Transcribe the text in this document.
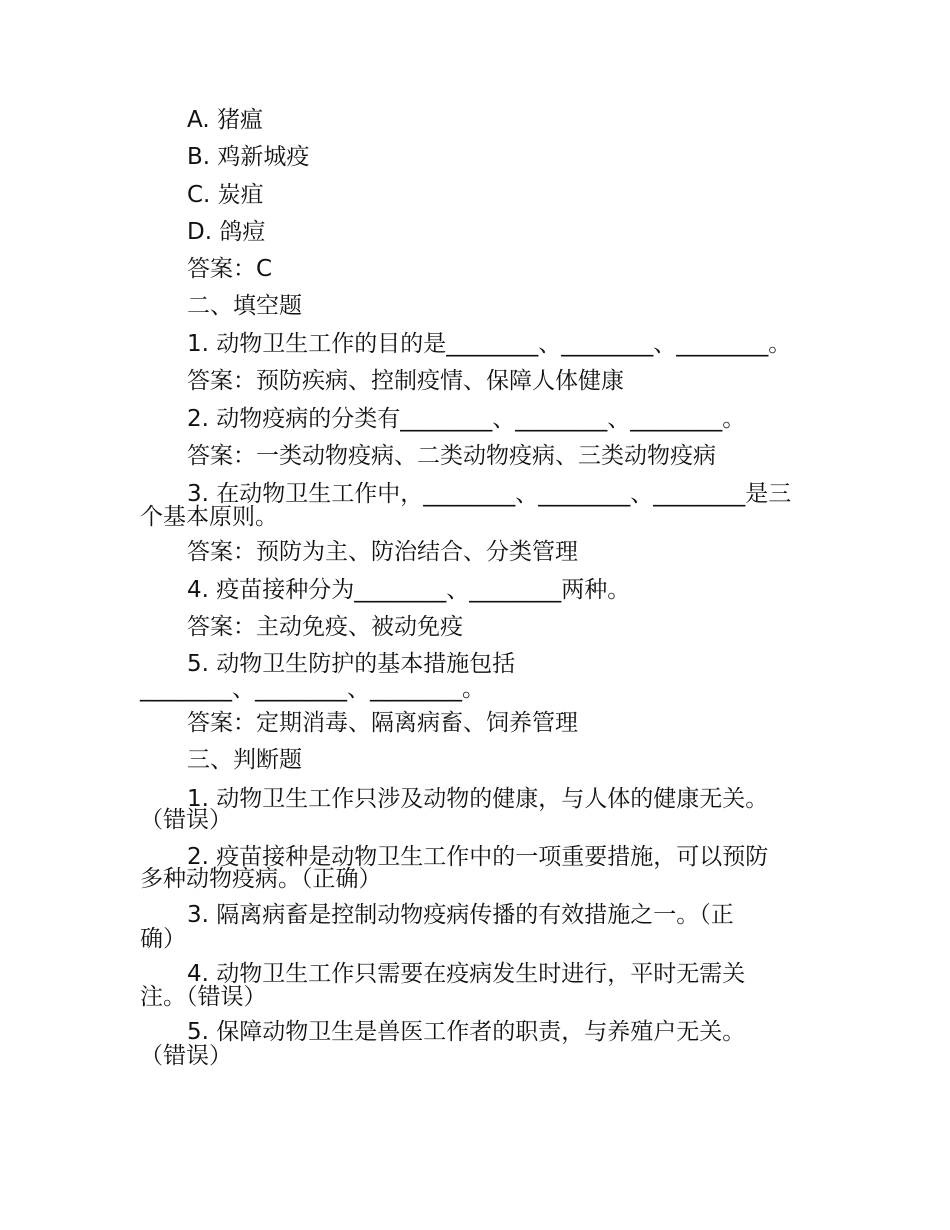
A. 猪瘟
B. 鸡新城疫
C. 炭疽
D. 鸽痘
答案：C
二、填空题
1. 动物卫生工作的目的是________、________、________。
答案：预防疾病、控制疫情、保障人体健康
2. 动物疫病的分类有________、________、________。
答案：一类动物疫病、二类动物疫病、三类动物疫病
3. 在动物卫生工作中，________、________、________是三
个基本原则。
答案：预防为主、防治结合、分类管理
4. 疫苗接种分为________、________两种。
答案：主动免疫、被动免疫
5. 动物卫生防护的基本措施包括
________、________、________。
答案：定期消毒、隔离病畜、饲养管理
三、判断题
1. 动物卫生工作只涉及动物的健康，与人体的健康无关。
（错误）
2. 疫苗接种是动物卫生工作中的一项重要措施，可以预防
多种动物疫病。（正确）
3. 隔离病畜是控制动物疫病传播的有效措施之一。（正
确）
4. 动物卫生工作只需要在疫病发生时进行，平时无需关
注。（错误）
5. 保障动物卫生是兽医工作者的职责，与养殖户无关。
（错误）
